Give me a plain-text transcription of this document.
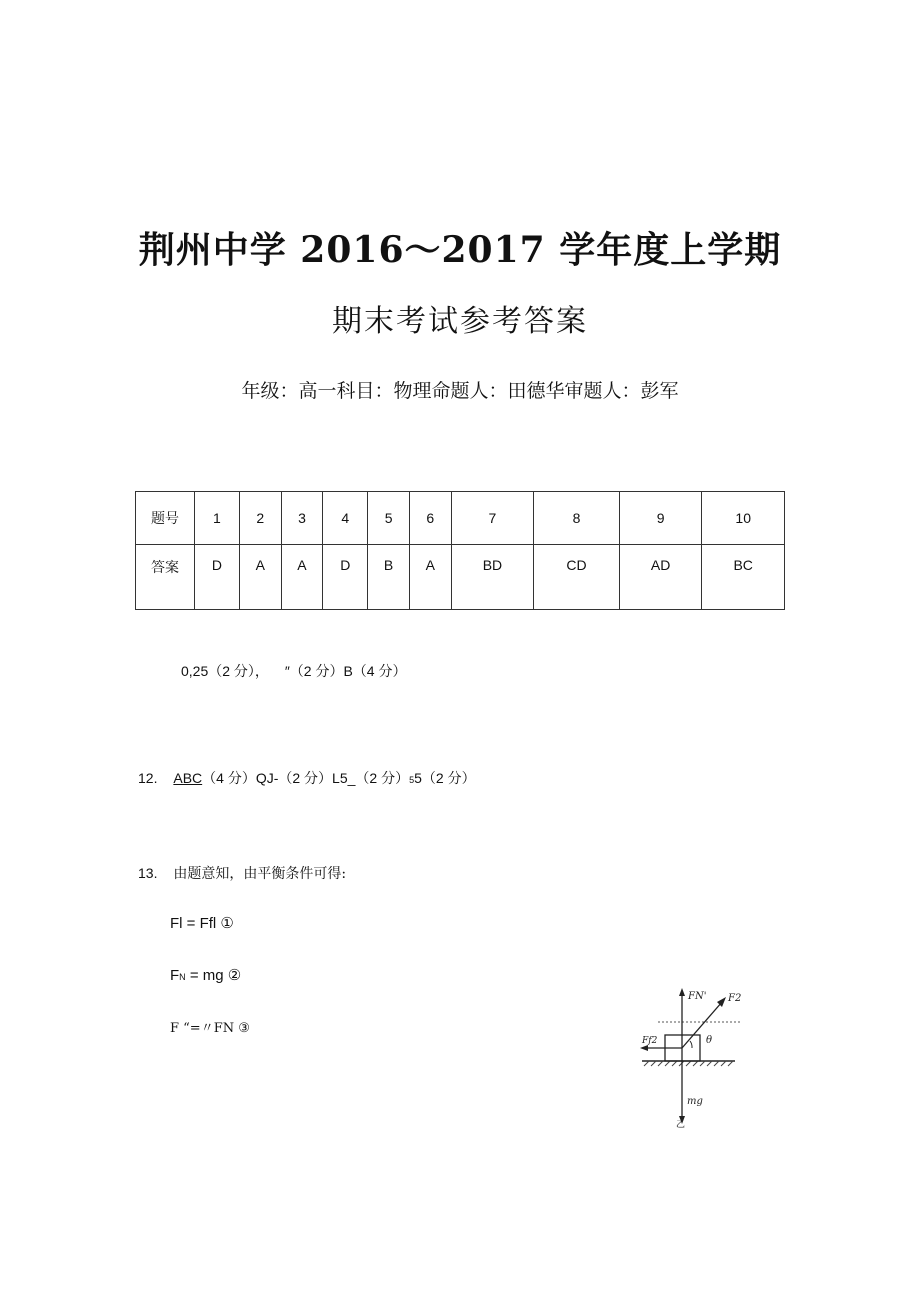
荆州中学 2016～2017 学年度上学期
期末考试参考答案
年级：高一科目：物理命题人：田德华审题人：彭军
题号	1	2	3	4	5	6	7	8	9	10
答案	D	A	A	D	B	A	BD	CD	AD	BC
0,25（2 分）， ″（2 分）B（4 分）
12. ABC（4 分）QJ-（2 分）L5_（2 分）55（2 分）
13. 由题意知，由平衡条件可得:
Fl = Ffl ①
FN = mg ②
F “=〃FN ③
FN' F2
Ff2	θ
mg
乙
